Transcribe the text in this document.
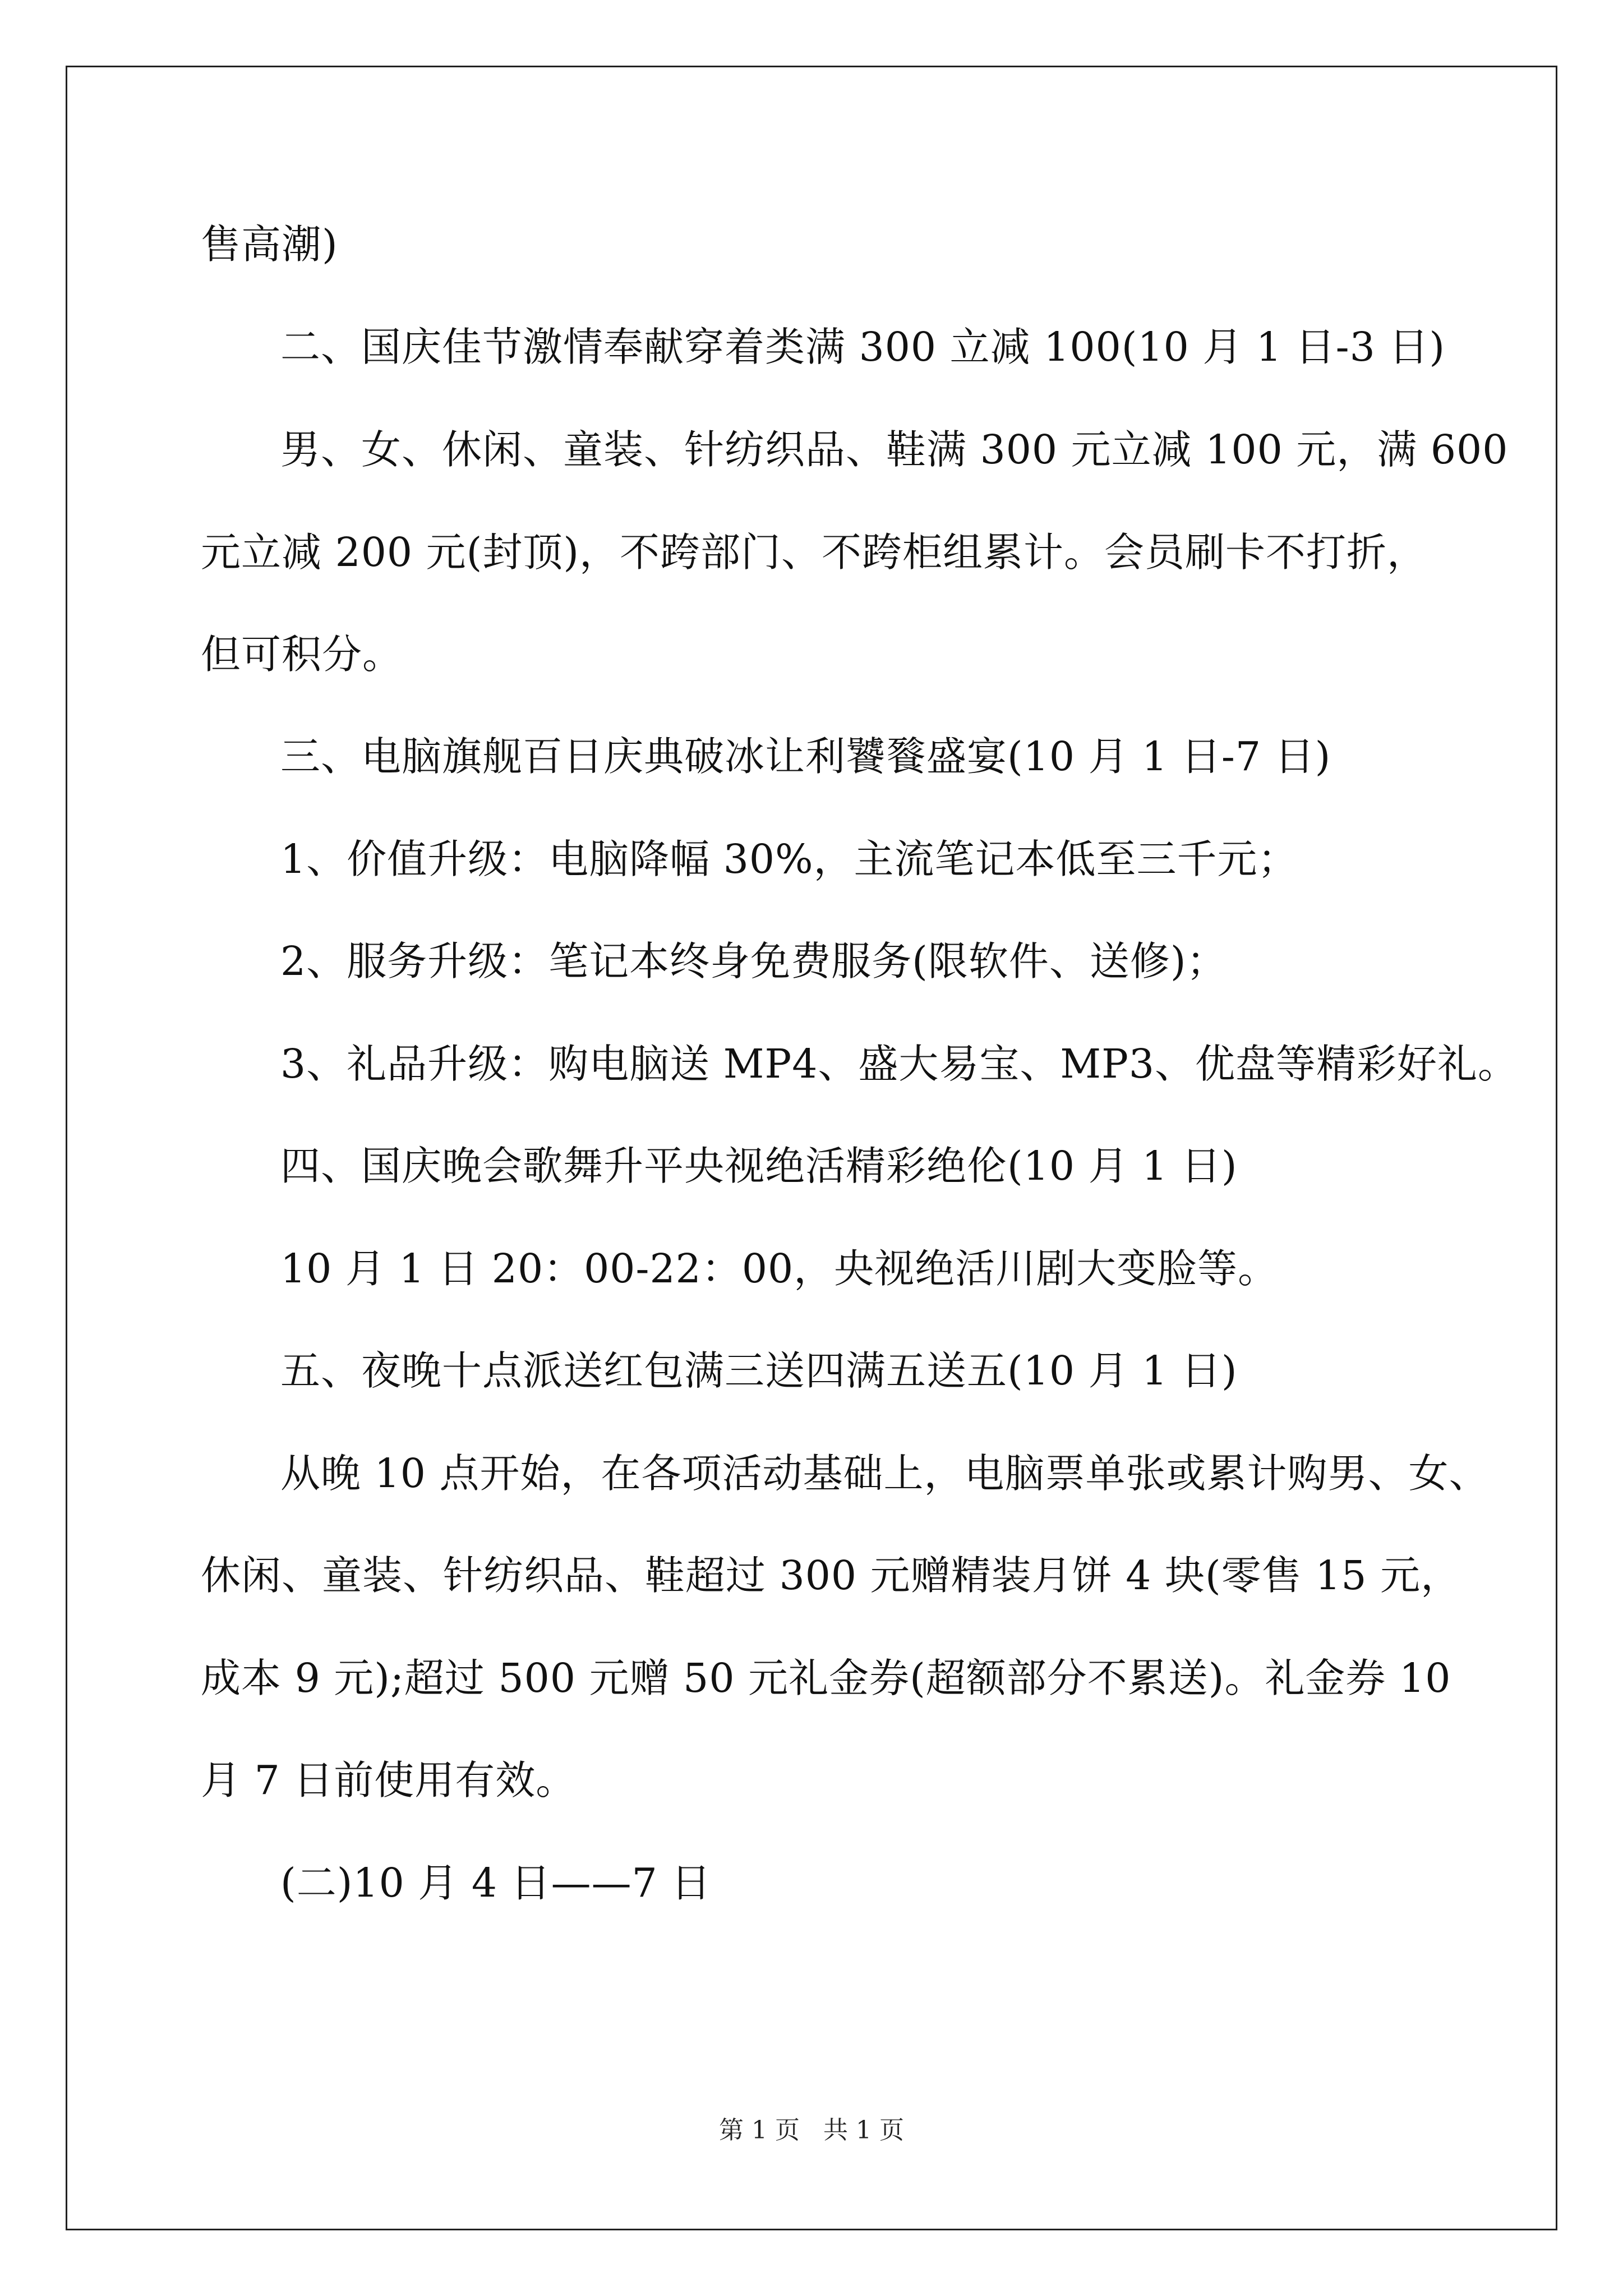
售高潮)
二、国庆佳节激情奉献穿着类满 300 立减 100(10 月 1 日-3 日)
男、女、休闲、童装、针纺织品、鞋满 300 元立减 100 元，满 600
元立减 200 元(封顶)，不跨部门、不跨柜组累计。会员刷卡不打折，
但可积分。
三、电脑旗舰百日庆典破冰让利饕餮盛宴(10 月 1 日-7 日)
1、价值升级：电脑降幅 30%，主流笔记本低至三千元；
2、服务升级：笔记本终身免费服务(限软件、送修)；
3、礼品升级：购电脑送 MP4、盛大易宝、MP3、优盘等精彩好礼。
四、国庆晚会歌舞升平央视绝活精彩绝伦(10 月 1 日)
10 月 1 日 20：00-22：00，央视绝活川剧大变脸等。
五、夜晚十点派送红包满三送四满五送五(10 月 1 日)
从晚 10 点开始，在各项活动基础上，电脑票单张或累计购男、女、
休闲、童装、针纺织品、鞋超过 300 元赠精装月饼 4 块(零售 15 元，
成本 9 元);超过 500 元赠 50 元礼金券(超额部分不累送)。礼金券 10
月 7 日前使用有效。
(二)10 月 4 日——7 日
第 1 页   共 1 页
